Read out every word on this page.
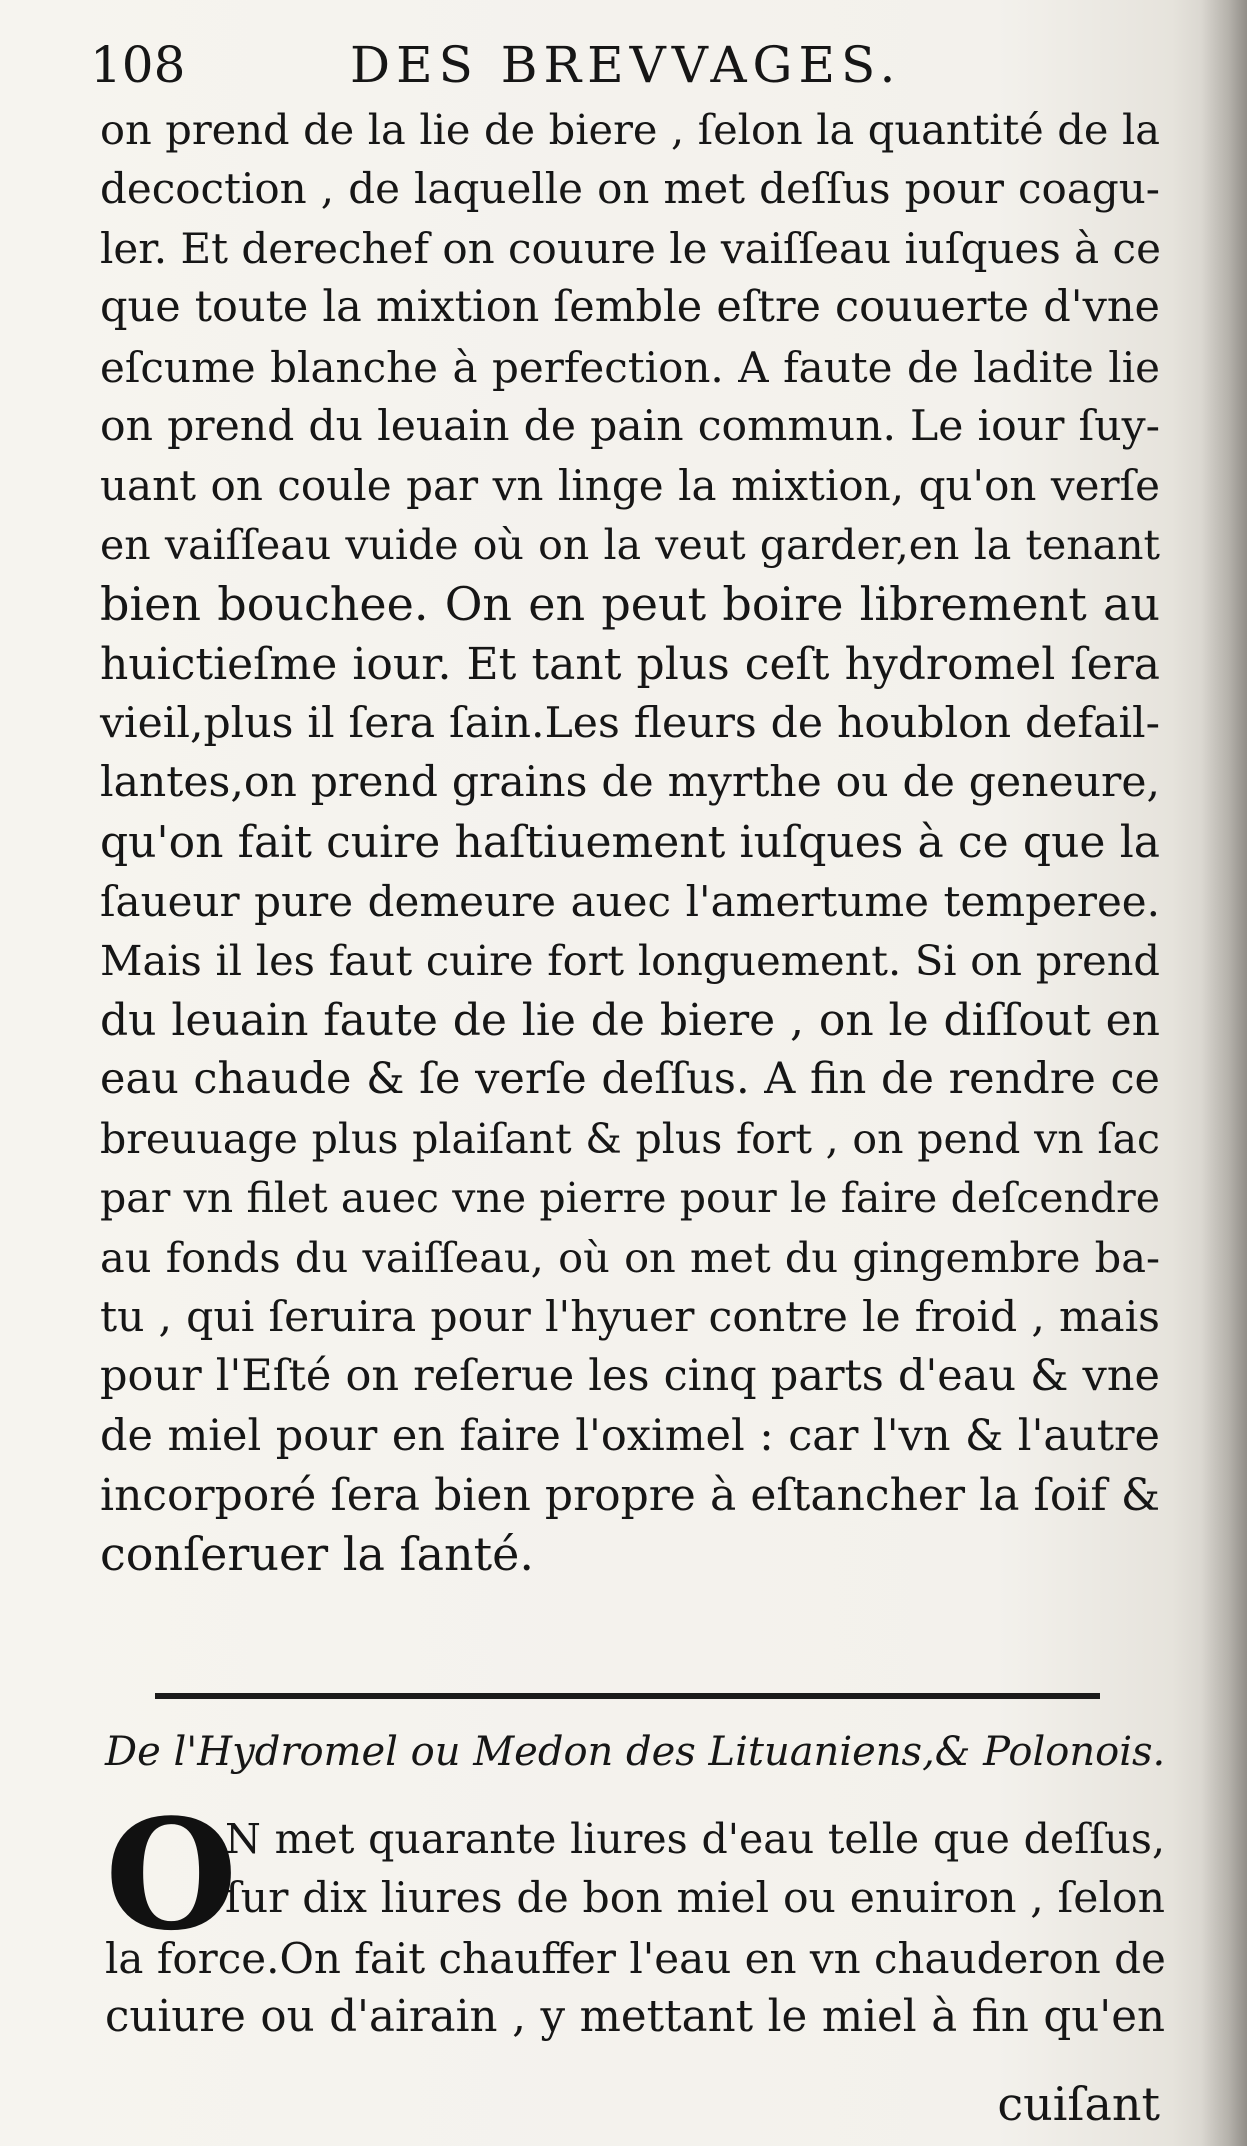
108	DES BREVVAGES.
on prend de la lie de biere , ſelon la quantité de la
decoction , de laquelle on met deſſus pour coagu-
ler. Et derechef on couure le vaiſſeau iuſques à ce
que toute la mixtion ſemble eſtre couuerte d'vne
eſcume blanche à perfection. A faute de ladite lie
on prend du leuain de pain commun. Le iour ſuy-
uant on coule par vn linge la mixtion, qu'on verſe
en vaiſſeau vuide où on la veut garder,en la tenant
bien bouchee. On en peut boire librement au
huictieſme iour. Et tant plus ceſt hydromel ſera
vieil,plus il ſera ſain.Les fleurs de houblon defail-
lantes,on prend grains de myrthe ou de geneure,
qu'on fait cuire haſtiuement iuſques à ce que la
ſaueur pure demeure auec l'amertume temperee.
Mais il les faut cuire fort longuement. Si on prend
du leuain faute de lie de biere , on le diſſout en
eau chaude & ſe verſe deſſus. A fin de rendre ce
breuuage plus plaiſant & plus fort , on pend vn ſac
par vn filet auec vne pierre pour le faire deſcendre
au fonds du vaiſſeau, où on met du gingembre ba-
tu , qui ſeruira pour l'hyuer contre le froid , mais
pour l'Eſté on reſerue les cinq parts d'eau & vne
de miel pour en faire l'oximel : car l'vn & l'autre
incorporé ſera bien propre à eſtancher la ſoif &
conſeruer la ſanté.
De l'Hydromel ou Medon des Lituaniens,& Polonois.
O
N met quarante liures d'eau telle que deſſus,
ſur dix liures de bon miel ou enuiron , ſelon
la force.On fait chauffer l'eau en vn chauderon de
cuiure ou d'airain , y mettant le miel à fin qu'en
cuiſant
